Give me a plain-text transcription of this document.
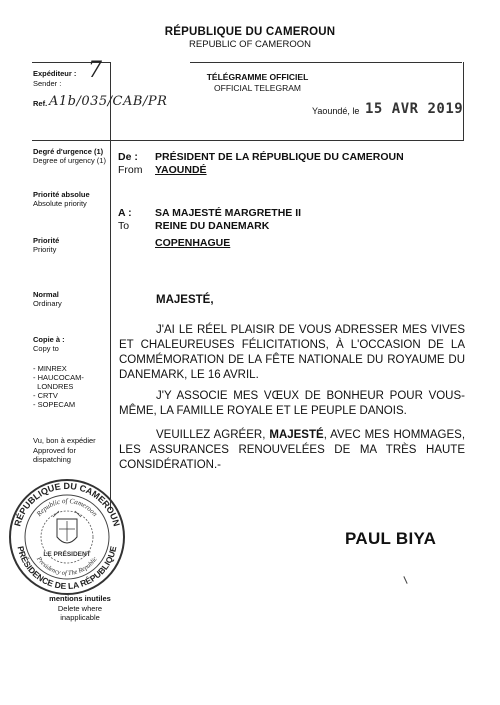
RÉPUBLIQUE DU CAMEROUN
REPUBLIC OF CAMEROON
Expéditeur :
Sender :
7
Ref. A1b/035/CAB/PR
TÉLÉGRAMME OFFICIEL
OFFICIAL TELEGRAM
Yaoundé, le 15 AVR 2019
Degré d'urgence (1)
Degree of urgency (1)
Priorité absolue
Absolute priority
Priorité
Priority
Normal
Ordinary
Copie à :
Copy to
- MINREX
- HAUCOCAM-
LONDRES
- CRTV
- SOPECAM
Vu, bon à expédier
Approved for
dispatching
RÉPUBLIQUE DU CAMEROUN
Republic of Cameroon
PRÉSIDENCE DE LA RÉPUBLIQUE
Presidency of The Republic
LE PRÉSIDENT
mentions inutiles
Delete where
inapplicable
De :
From
PRÉSIDENT DE LA RÉPUBLIQUE DU CAMEROUN
YAOUNDÉ
A :
To
SA MAJESTÉ MARGRETHE II
REINE DU DANEMARK
COPENHAGUE
MAJESTÉ,
J'AI LE RÉEL PLAISIR DE VOUS ADRESSER MES VIVES ET CHALEUREUSES FÉLICITATIONS, À L'OCCASION DE LA COMMÉMORATION DE LA FÊTE NATIONALE DU ROYAUME DU DANEMARK, LE 16 AVRIL.
J'Y ASSOCIE MES VŒUX DE BONHEUR POUR VOUS-MÊME, LA FAMILLE ROYALE ET LE PEUPLE DANOIS.
VEUILLEZ AGRÉER, MAJESTÉ, AVEC MES HOMMAGES, LES ASSURANCES RENOUVELÉES DE MA TRÈS HAUTE CONSIDÉRATION.-
PAUL BIYA
